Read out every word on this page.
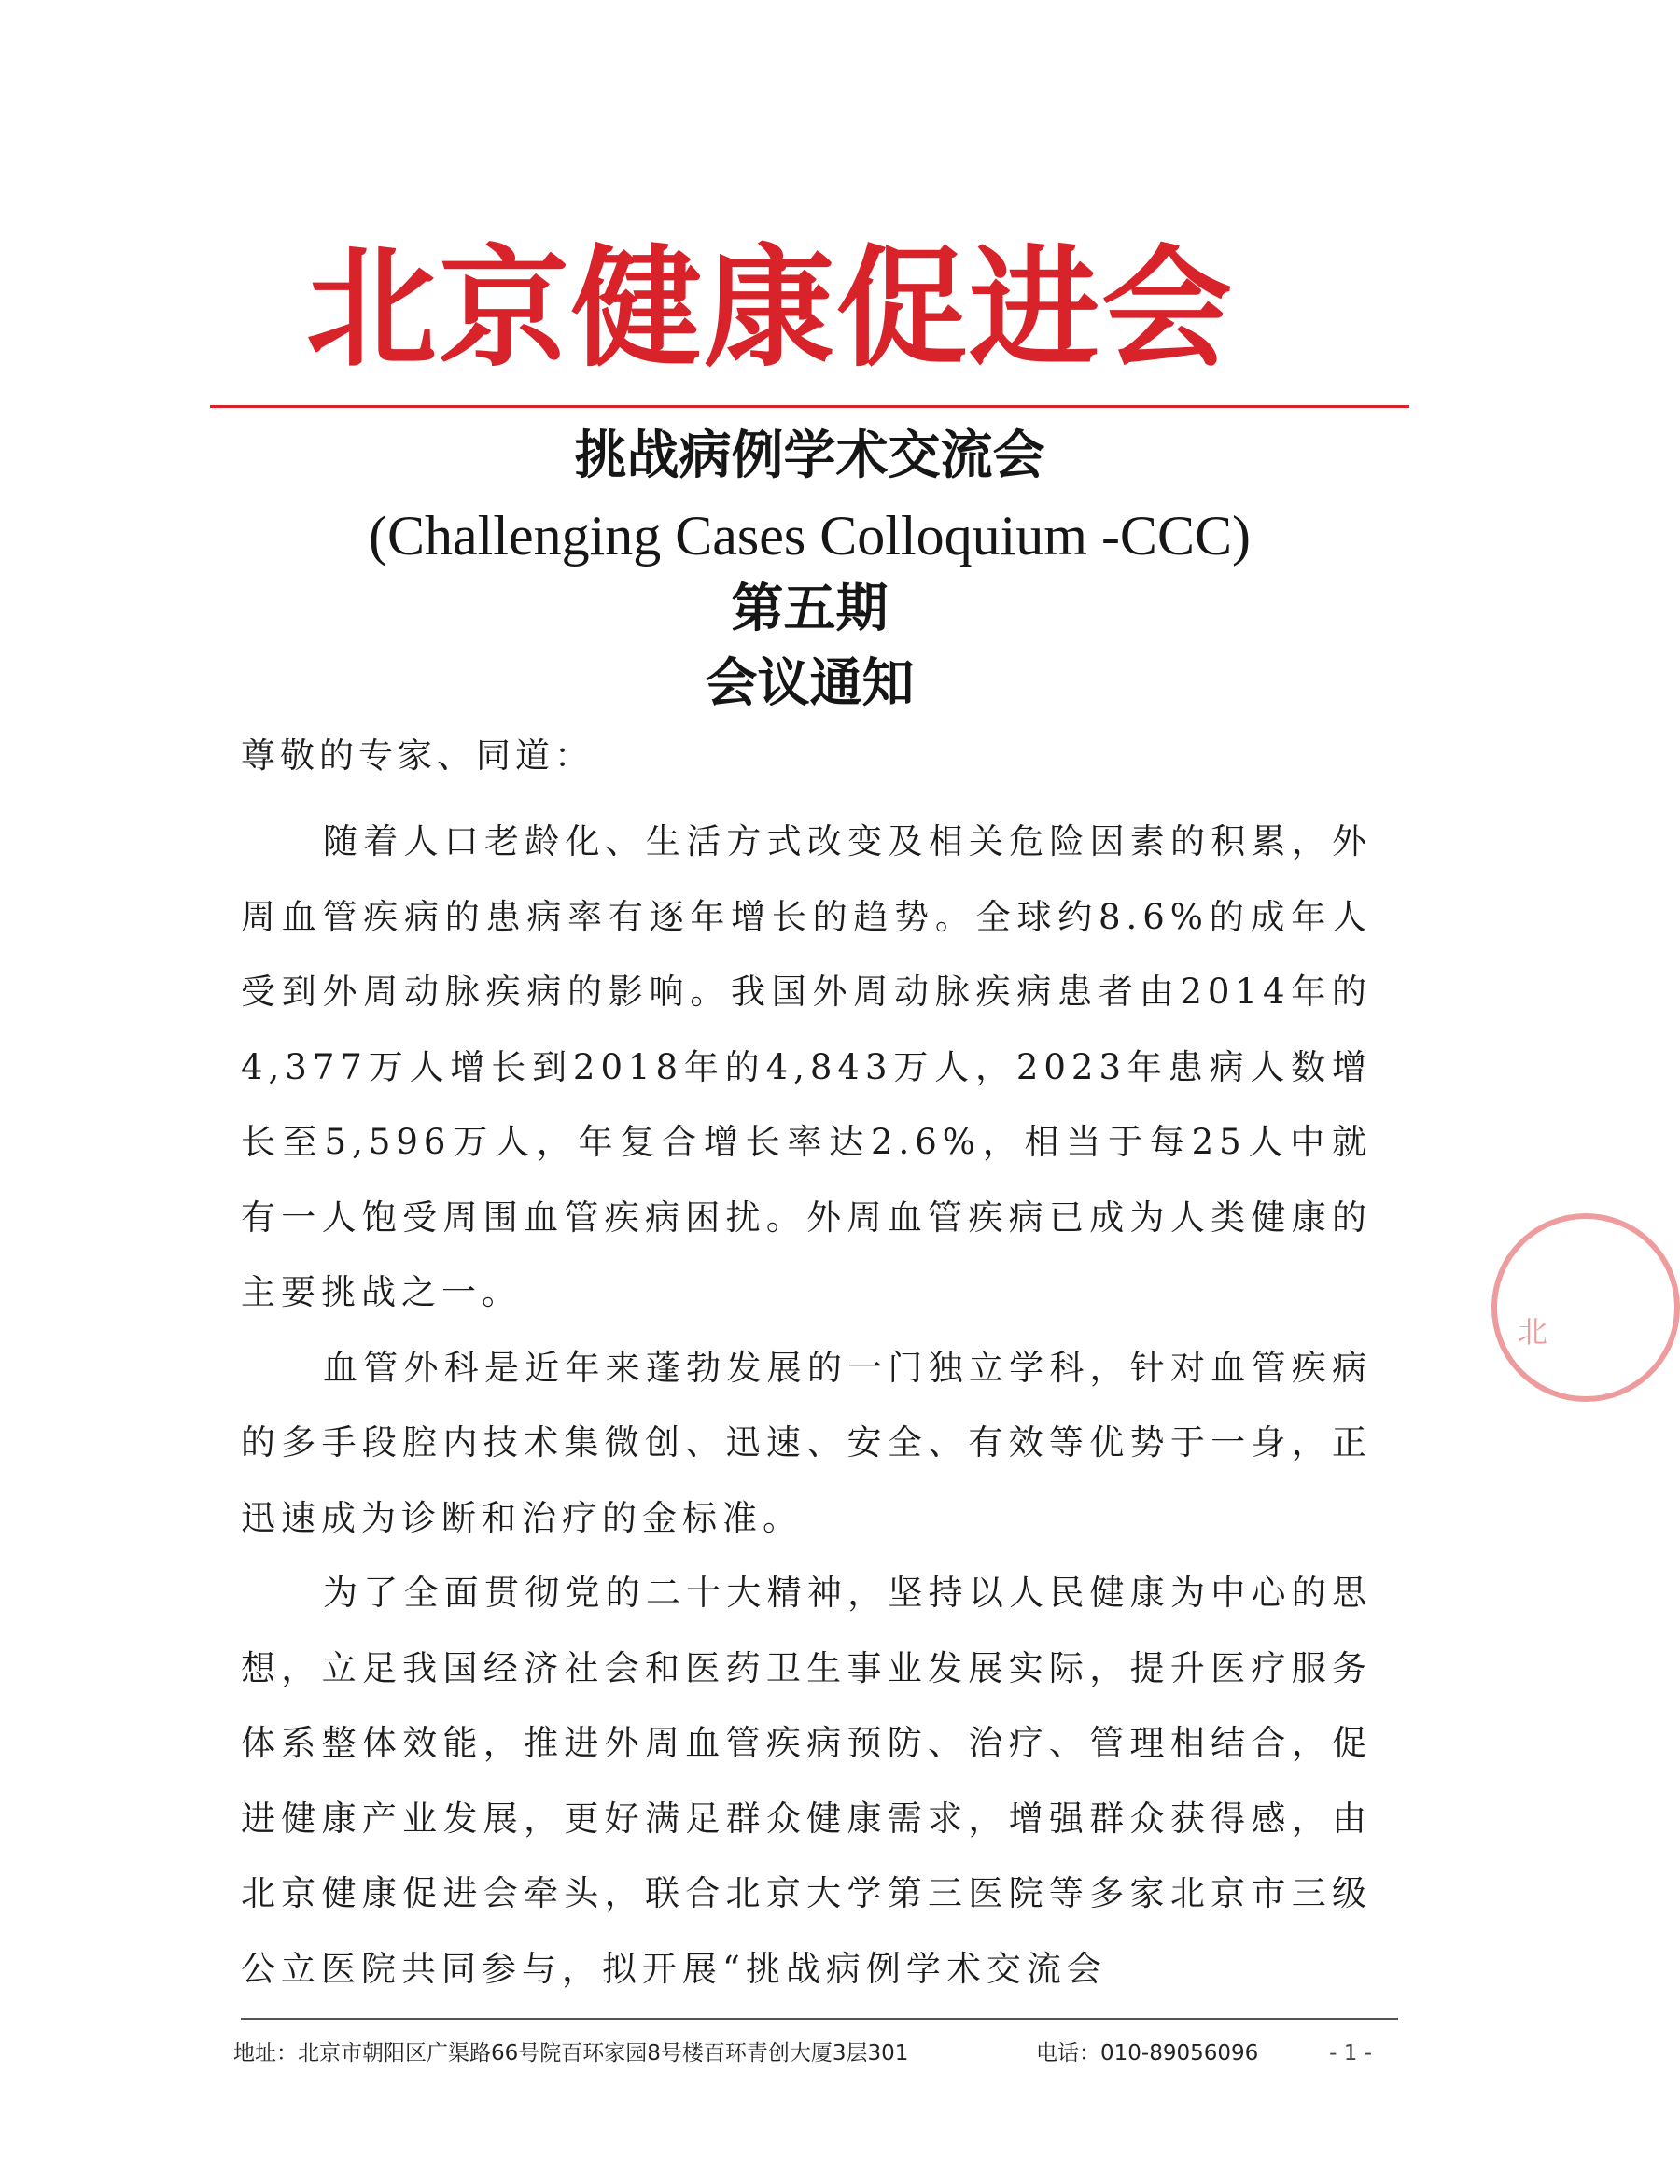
北京健康促进会
挑战病例学术交流会
(Challenging Cases Colloquium -CCC)
第五期
会议通知
尊敬的专家、同道：

随着人口老龄化、生活方式改变及相关危险因素的积累，外周血管疾病的患病率有逐年增长的趋势。全球约8.6%的成年人受到外周动脉疾病的影响。我国外周动脉疾病患者由2014年的4,377万人增长到2018年的4,843万人，2023年患病人数增长至5,596万人，年复合增长率达2.6%，相当于每25人中就有一人饱受周围血管疾病困扰。外周血管疾病已成为人类健康的主要挑战之一。

血管外科是近年来蓬勃发展的一门独立学科，针对血管疾病的多手段腔内技术集微创、迅速、安全、有效等优势于一身，正迅速成为诊断和治疗的金标准。

为了全面贯彻党的二十大精神，坚持以人民健康为中心的思想，立足我国经济社会和医药卫生事业发展实际，提升医疗服务体系整体效能，推进外周血管疾病预防、治疗、管理相结合，促进健康产业发展，更好满足群众健康需求，增强群众获得感，由北京健康促进会牵头，联合北京大学第三医院等多家北京市三级公立医院共同参与，拟开展“挑战病例学术交流会

北
地址：北京市朝阳区广渠路66号院百环家园8号楼百环青创大厦3层301	电话：010-89056096	- 1 -
